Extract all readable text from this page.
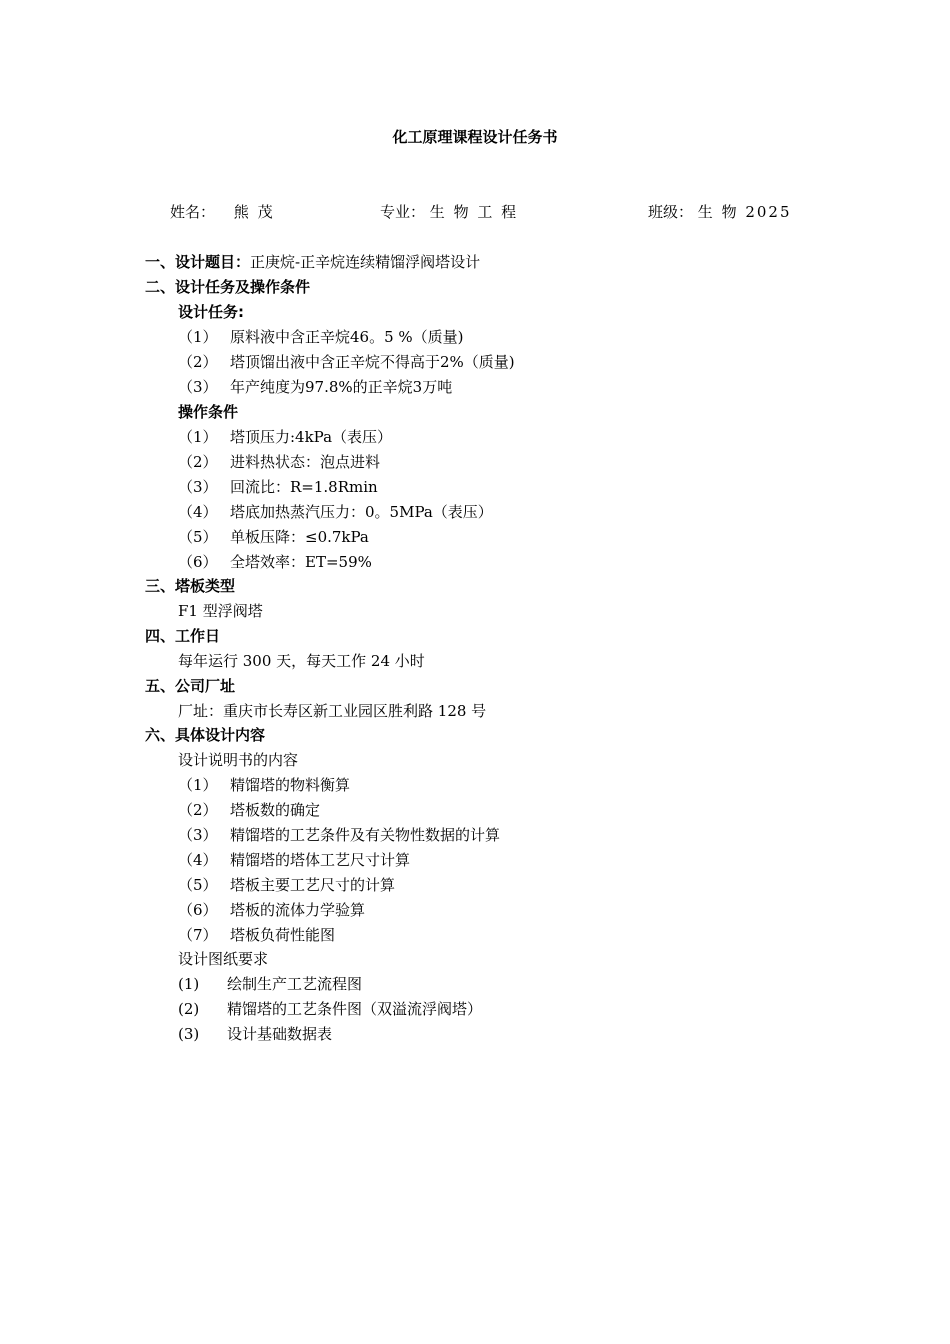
化工原理课程设计任务书
姓名： 熊 茂	专业： 生 物 工 程	班级： 生 物 2025
一、设计题目：正庚烷-正辛烷连续精馏浮阀塔设计
二、设计任务及操作条件
设计任务:
（1） 原料液中含正辛烷46。5 %（质量)
（2） 塔顶馏出液中含正辛烷不得高于2%（质量)
（3） 年产纯度为97.8%的正辛烷3万吨
操作条件
（1） 塔顶压力:4kPa（表压）
（2） 进料热状态：泡点进料
（3） 回流比：R=1.8Rmin
（4） 塔底加热蒸汽压力：0。5MPa（表压）
（5） 单板压降：≤0.7kPa
（6） 全塔效率：ET=59%
三、塔板类型
F1 型浮阀塔
四、工作日
每年运行 300 天，每天工作 24 小时
五、公司厂址
厂址：重庆市长寿区新工业园区胜利路 128 号
六、具体设计内容
设计说明书的内容
（1） 精馏塔的物料衡算
（2） 塔板数的确定
（3） 精馏塔的工艺条件及有关物性数据的计算
（4） 精馏塔的塔体工艺尺寸计算
（5） 塔板主要工艺尺寸的计算
（6） 塔板的流体力学验算
（7） 塔板负荷性能图
设计图纸要求
(1) 绘制生产工艺流程图
(2) 精馏塔的工艺条件图（双溢流浮阀塔）
(3) 设计基础数据表
